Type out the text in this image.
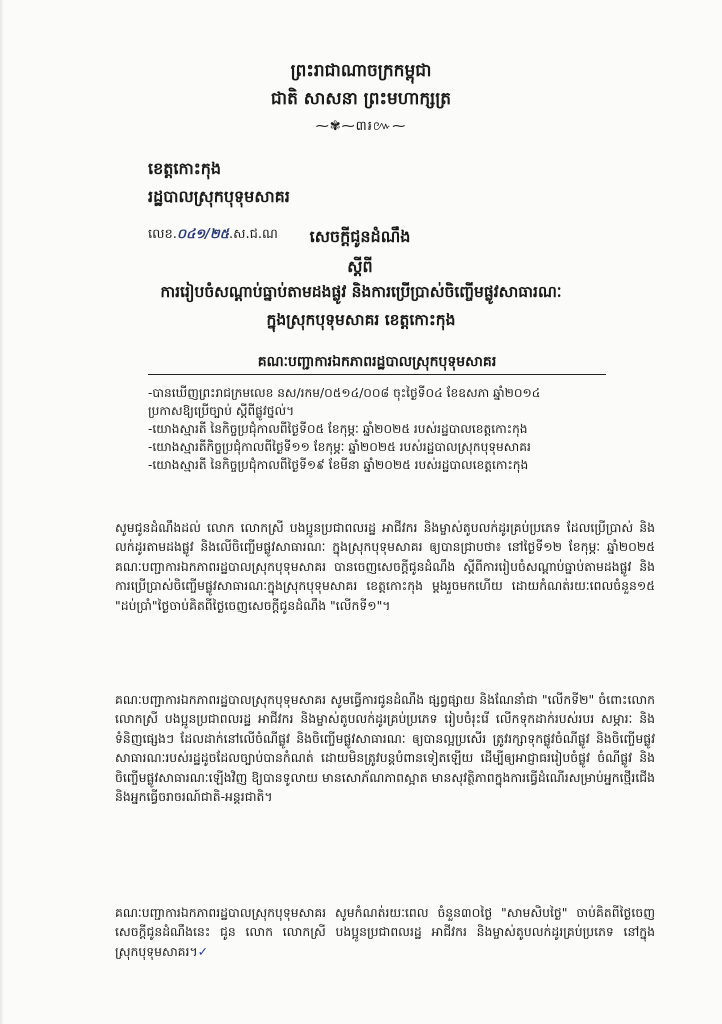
ព្រះរាជាណាចក្រកម្ពុជា
ជាតិ សាសនា ព្រះមហាក្សត្រ
⁓✾⁓៣៛៚⁓
ខេត្តកោះកុង
រដ្ឋបាលស្រុកបុទុមសាគរ
លេខ.០៤១/២៥.ស.ជ.ណ	សេចក្តីជូនដំណឹង
ស្តីពី
ការរៀបចំសណ្តាប់ធ្នាប់តាមដងផ្លូវ និងការប្រើប្រាស់ចិញ្ចើមផ្លូវសាធារណៈ
ក្នុងស្រុកបុទុមសាគរ ខេត្តកោះកុង
គណៈបញ្ជាការឯកភាពរដ្ឋបាលស្រុកបុទុមសាគរ
-បានឃើញព្រះរាជក្រមលេខ នស/រកម/០៥១៤/០០៨ ចុះថ្ងៃទី០៤ ខែឧសភា ឆ្នាំ២០១៤
ប្រកាសឱ្យប្រើច្បាប់ ស្តីពីផ្លូវថ្នល់។
-យោងស្មារតី នៃកិច្ចប្រជុំកាលពីថ្ងៃទី០៥ ខែកុម្ភៈ ឆ្នាំ២០២៥ របស់រដ្ឋបាលខេត្តកោះកុង
-យោងស្មារតីកិច្ចប្រជុំកាលពីថ្ងៃទី១១ ខែកុម្ភៈ ឆ្នាំ២០២៥ របស់រដ្ឋបាលស្រុកបុទុមសាគរ
-យោងស្មារតី នៃកិច្ចប្រជុំកាលពីថ្ងៃទី១៩ ខែមីនា ឆ្នាំ២០២៥ របស់រដ្ឋបាលខេត្តកោះកុង
សូមជូនដំណឹងដល់ លោក លោកស្រី បងប្អូនប្រជាពលរដ្ឋ អាជីវករ និងម្ចាស់តូបលក់ដូរគ្រប់ប្រភេទ ដែលប្រើប្រាស់ និងលក់ដូរតាមដងផ្លូវ និងលើចិញ្ចើមផ្លូវសាធារណៈ ក្នុងស្រុកបុទុមសាគរ ឲ្យបានជ្រាបថា៖ នៅថ្ងៃទី១២ ខែកុម្ភៈ ឆ្នាំ២០២៥ គណៈបញ្ជាការឯកភាពរដ្ឋបាលស្រុកបុទុមសាគរ បានចេញសេចក្តីជូនដំណឹង ស្តីពីការរៀបចំសណ្តាប់ធ្នាប់តាមដងផ្លូវ និងការប្រើប្រាស់ចិញ្ចើមផ្លូវសាធារណៈក្នុងស្រុកបុទុមសាគរ ខេត្តកោះកុង ម្តងរួចមកហើយ ដោយកំណត់រយៈពេលចំនួន១៥ "ដប់ប្រាំ"ថ្ងៃចាប់គិតពីថ្ងៃចេញសេចក្តីជូនដំណឹង "លើកទី១"។
គណៈបញ្ជាការឯកភាពរដ្ឋបាលស្រុកបុទុមសាគរ សូមធ្វើការជូនដំណឹង ផ្សព្វផ្សាយ និងណែនាំជា "លើកទី២" ចំពោះលោក លោកស្រី បងប្អូនប្រជាពលរដ្ឋ អាជីវករ និងម្ចាស់តូបលក់ដូរគ្រប់ប្រភេទ រៀបចំរុះរើ លើកទុកដាក់របស់របរ សម្ភារៈ និងទំនិញផ្សេងៗ ដែលដាក់នៅលើចំណីផ្លូវ និងចិញ្ចើមផ្លូវសាធារណៈ ឲ្យបានល្អប្រសើរ ត្រូវរក្សាទុកផ្លូវចំណីផ្លូវ និងចិញ្ចើមផ្លូវសាធារណៈរបស់រដ្ឋដូចដែលច្បាប់បានកំណត់ ដោយមិនត្រូវបន្តបំពានទៀតឡើយ ដើម្បីឲ្យអាជ្ញាធររៀបចំផ្លូវ ចំណីផ្លូវ និងចិញ្ចើមផ្លូវសាធារណៈឡើងវិញ ឱ្យបានទូលាយ មានសោភ័ណភាពស្អាត មានសុវត្ថិភាពក្នុងការធ្វើដំណើរសម្រាប់អ្នកថ្មើរជើង និងអ្នកធ្វើចរាចរណ៍ជាតិ-អន្តរជាតិ។
គណៈបញ្ជាការឯកភាពរដ្ឋបាលស្រុកបុទុមសាគរ សូមកំណត់រយៈពេល ចំនួន៣០ថ្ងៃ "សាមសិបថ្ងៃ" ចាប់គិតពីថ្ងៃចេញសេចក្តីជូនដំណឹងនេះ ជូន លោក លោកស្រី បងប្អូនប្រជាពលរដ្ឋ អាជីវករ និងម្ចាស់តូបលក់ដូរគ្រប់ប្រភេទ នៅក្នុងស្រុកបុទុមសាគរ។✓
